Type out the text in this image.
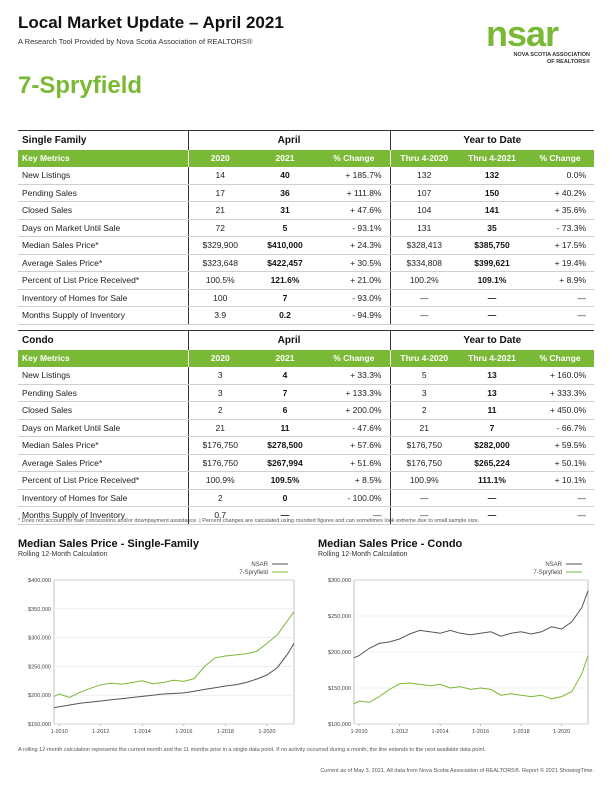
Local Market Update – April 2021
A Research Tool Provided by Nova Scotia Association of REALTORS®
7-Spryfield
nsar
NOVA SCOTIA ASSOCIATION
OF REALTORS®
Single Family	April			Year to Date		
Key Metrics	2020	2021	% Change	Thru 4-2020	Thru 4-2021	% Change
New Listings	14	40	+ 185.7%	132	132	0.0%
Pending Sales	17	36	+ 111.8%	107	150	+ 40.2%
Closed Sales	21	31	+ 47.6%	104	141	+ 35.6%
Days on Market Until Sale	72	5	- 93.1%	131	35	- 73.3%
Median Sales Price*	$329,900	$410,000	+ 24.3%	$328,413	$385,750	+ 17.5%
Average Sales Price*	$323,648	$422,457	+ 30.5%	$334,808	$399,621	+ 19.4%
Percent of List Price Received*	100.5%	121.6%	+ 21.0%	100.2%	109.1%	+ 8.9%
Inventory of Homes for Sale	100	7	- 93.0%	—	—	—
Months Supply of Inventory	3.9	0.2	- 94.9%	—	—	—
Condo	April			Year to Date		
Key Metrics	2020	2021	% Change	Thru 4-2020	Thru 4-2021	% Change
New Listings	3	4	+ 33.3%	5	13	+ 160.0%
Pending Sales	3	7	+ 133.3%	3	13	+ 333.3%
Closed Sales	2	6	+ 200.0%	2	11	+ 450.0%
Days on Market Until Sale	21	11	- 47.6%	21	7	- 66.7%
Median Sales Price*	$176,750	$278,500	+ 57.6%	$176,750	$282,000	+ 59.5%
Average Sales Price*	$176,750	$267,994	+ 51.6%	$176,750	$265,224	+ 50.1%
Percent of List Price Received*	100.9%	109.5%	+ 8.5%	100.9%	111.1%	+ 10.1%
Inventory of Homes for Sale	2	0	- 100.0%	—	—	—
Months Supply of Inventory	0.7	—	—	—	—	—
* Does not account for sale concessions and/or downpayment assistance. | Percent changes are calculated using rounded figures and can sometimes look extreme due to small sample size.
Median Sales Price - Single-Family
Rolling 12-Month Calculation
$150,000
$200,000
$250,000
$300,000
$350,000
$400,000
1-2010	1-2012	1-2014	1-2016	1-2018	1-2020
NSAR
7-Spryfield
Median Sales Price - Condo
Rolling 12-Month Calculation
$100,000
$150,000
$200,000
$250,000
$300,000
1-2010	1-2012	1-2014	1-2016	1-2018	1-2020
NSAR
7-Spryfield
A rolling 12-month calculation represents the current month and the 11 months prior in a single data point. If no activity occurred during a month, the line extends to the next available data point.
Current as of May 3, 2021. All data from Nova Scotia Association of REALTORS®. Report © 2021 ShowingTime.
